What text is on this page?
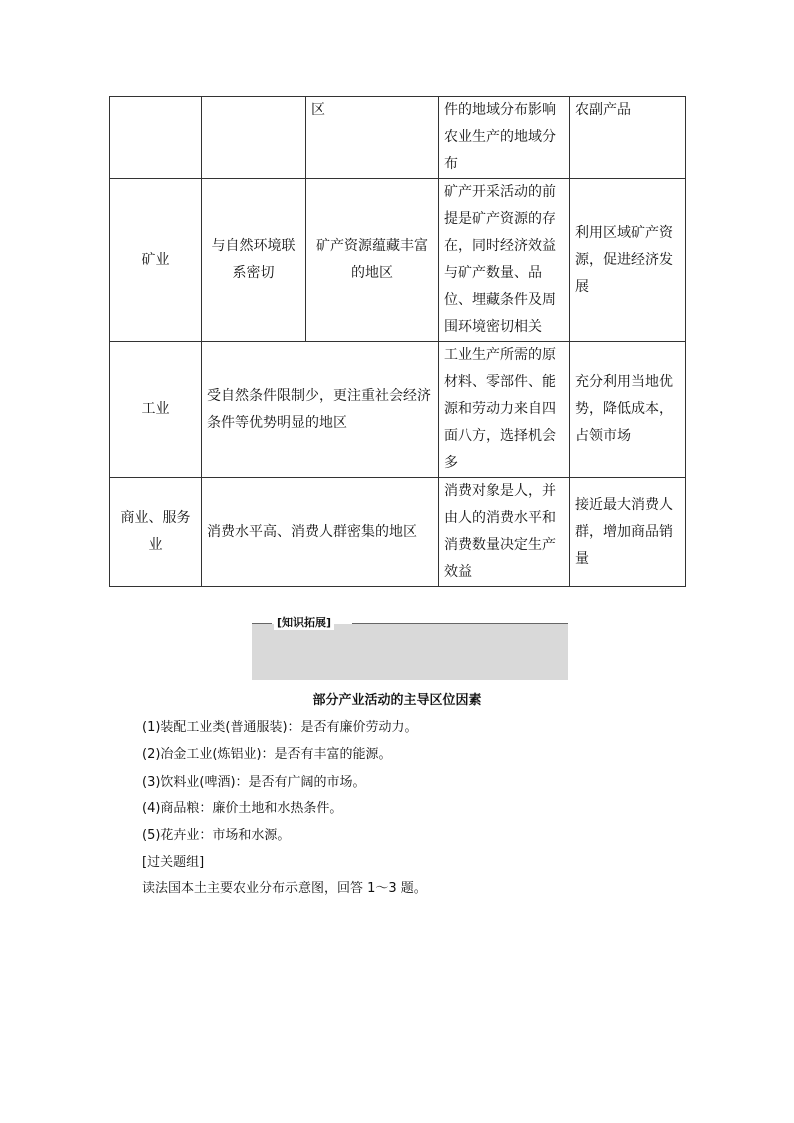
		区	件的地域分布影响农业生产的地域分布	农副产品
矿业	与自然环境联系密切	矿产资源蕴藏丰富的地区	矿产开采活动的前提是矿产资源的存在，同时经济效益与矿产数量、品位、埋藏条件及周围环境密切相关	利用区域矿产资源，促进经济发展
工业	受自然条件限制少，更注重社会经济条件等优势明显的地区		工业生产所需的原材料、零部件、能源和劳动力来自四面八方，选择机会多	充分利用当地优势，降低成本，占领市场
商业、服务业	消费水平高、消费人群密集的地区		消费对象是人，并由人的消费水平和消费数量决定生产效益	接近最大消费人群，增加商品销量
[知识拓展]
部分产业活动的主导区位因素
(1)装配工业类(普通服装)：是否有廉价劳动力。
(2)冶金工业(炼铝业)：是否有丰富的能源。
(3)饮料业(啤酒)：是否有广阔的市场。
(4)商品粮：廉价土地和水热条件。
(5)花卉业：市场和水源。
[过关题组]
读法国本土主要农业分布示意图，回答 1～3 题。
